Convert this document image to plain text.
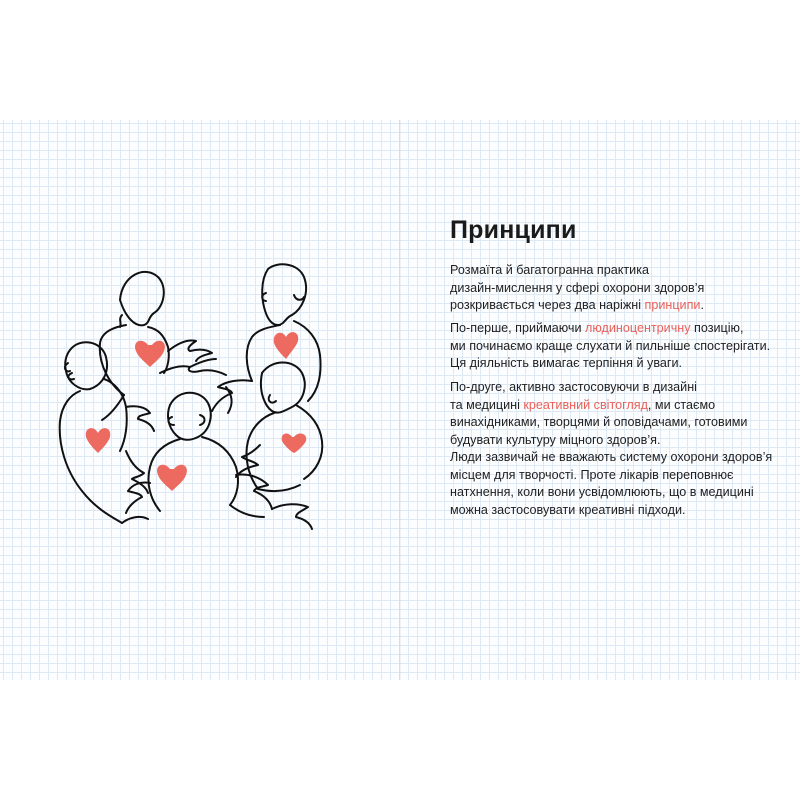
Принципи
Розмаїта й багатогранна практика
дизайн-мислення у сфері охорони здоров’я
розкривається через два наріжні принципи.
По-перше, приймаючи людиноцентричну позицію,
ми починаємо краще слухати й пильніше спостерігати.
Ця діяльність вимагає терпіння й уваги.
По-друге, активно застосовуючи в дизайні
та медицині креативний світогляд, ми стаємо
винахідниками, творцями й оповідачами, готовими
будувати культуру міцного здоров’я.
Люди зазвичай не вважають систему охорони здоров’я
місцем для творчості. Проте лікарів переповнює
натхнення, коли вони усвідомлюють, що в медицині
можна застосовувати креативні підходи.
